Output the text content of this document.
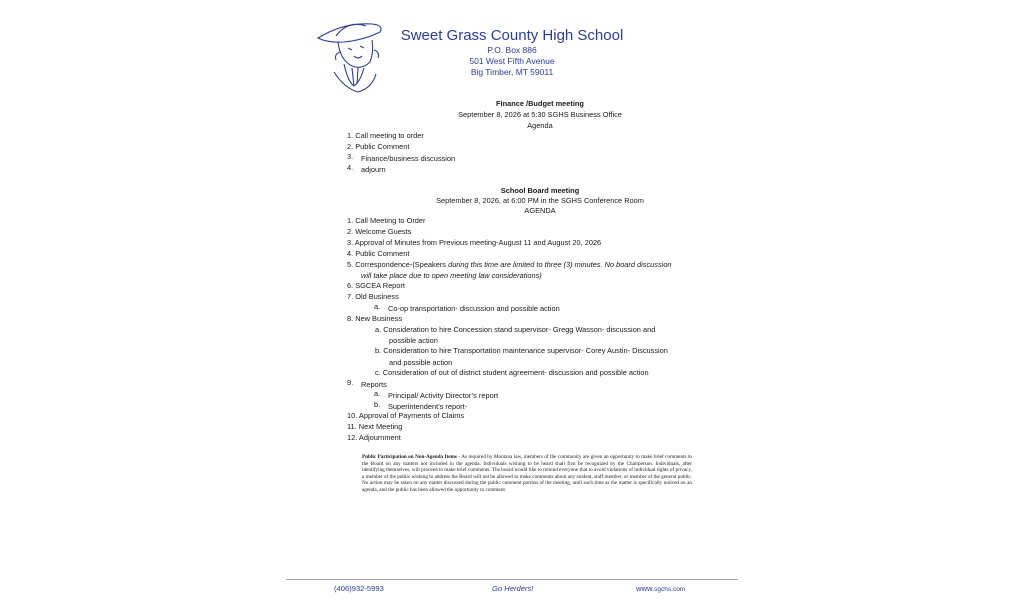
Sweet Grass County High School
P.O. Box 886
501 West Fifth Avenue
Big Timber, MT 59011
Finance /Budget meeting
September 8, 2026 at 5:30 SGHS Business Office
Agenda
1. Call meeting to order
2. Public Comment
3. Finance/business discussion
4. adjourn
School Board meeting
September 8, 2026, at 6:00 PM in the SGHS Conference Room
AGENDA
1. Call Meeting to Order
2. Welcome Guests
3. Approval of Minutes from Previous meeting-August 11 and August 20, 2026
4. Public Comment
5. Correspondence-(Speakers during this time are limited to three (3) minutes. No board discussion
will take place due to open meeting law considerations)
6. SGCEA Report
7. Old Business
a. Co-op transportation- discussion and possible action
8. New Business
a. Consideration to hire Concession stand supervisor- Gregg Wasson- discussion and
possible action
b. Consideration to hire Transportation maintenance supervisor- Corey Austin- Discussion
and possible action
c. Consideration of out of district student agreement- discussion and possible action
9. Reports
a. Principal/ Activity Director’s report
b. Superintendent’s report-
10. Approval of Payments of Claims
11. Next Meeting
12. Adjournment
Public Participation on Non-Agenda Items - As required by Montana law, members of the community are given an opportunity to make brief comments to the Board on any matters not included in the agenda. Individuals wishing to be heard shall first be recognized by the Chairperson. Individuals, after identifying themselves, will proceed to make brief comments. The board would like to remind everyone that to avoid violations of individual rights of privacy, a member of the public wishing to address the Board will not be allowed to make comments about any student, staff member, or member of the general public. No action may be taken on any matter discussed during the public comment portion of the meeting, until such time as the matter is specifically noticed on an agenda, and the public has been allowed the opportunity to comment.
(406)932-5993	Go Herders!	www.sgchs.com
